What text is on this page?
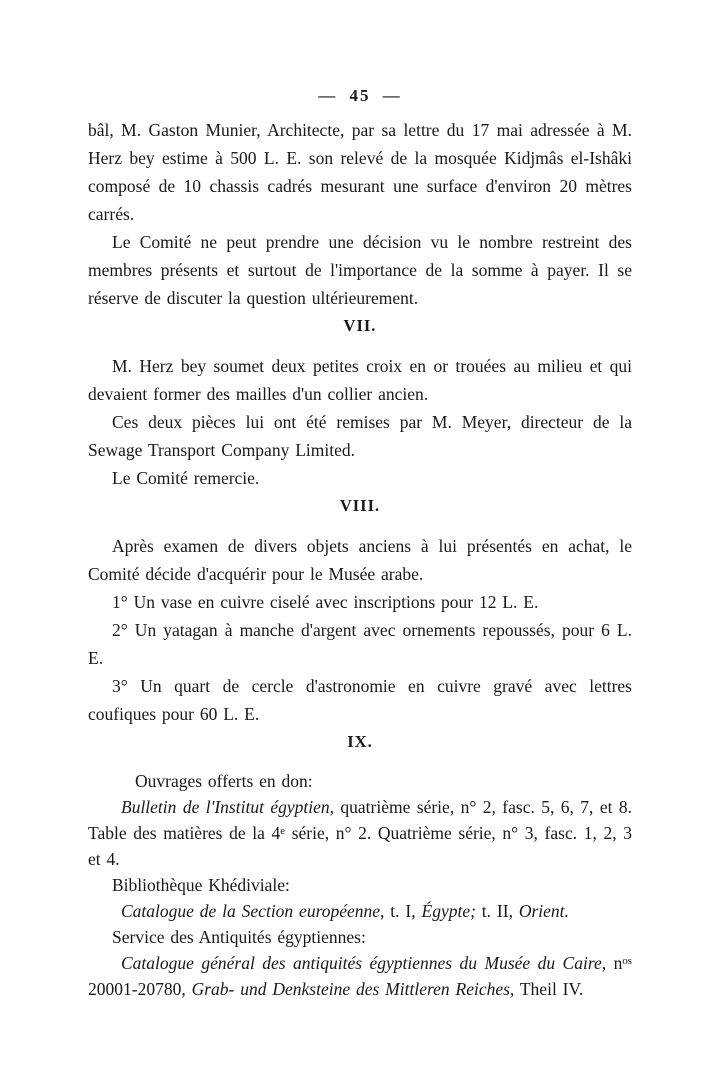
— 45 —

bâl, M. Gaston Munier, Architecte, par sa lettre du 17 mai adressée à M. Herz bey estime à 500 L. E. son relevé de la mosquée Kidjmâs el-Ishâki composé de 10 chassis cadrés mesurant une surface d'environ 20 mètres carrés.

Le Comité ne peut prendre une décision vu le nombre restreint des membres présents et surtout de l'importance de la somme à payer. Il se réserve de discuter la question ultérieurement.

VII.

M. Herz bey soumet deux petites croix en or trouées au milieu et qui devaient former des mailles d'un collier ancien.

Ces deux pièces lui ont été remises par M. Meyer, directeur de la Sewage Transport Company Limited.

Le Comité remercie.

VIII.

Après examen de divers objets anciens à lui présentés en achat, le Comité décide d'acquérir pour le Musée arabe.

1° Un vase en cuivre ciselé avec inscriptions pour 12 L. E.

2° Un yatagan à manche d'argent avec ornements repoussés, pour 6 L. E.

3° Un quart de cercle d'astronomie en cuivre gravé avec lettres coufiques pour 60 L. E.

IX.

Ouvrages offerts en don:

Bulletin de l'Institut égyptien, quatrième série, n° 2, fasc. 5, 6, 7, et 8. Table des matières de la 4e série, n° 2. Quatrième série, n° 3, fasc. 1, 2, 3 et 4.

Bibliothèque Khédiviale:

Catalogue de la Section européenne, t. I, Égypte; t. II, Orient.

Service des Antiquités égyptiennes:

Catalogue général des antiquités égyptiennes du Musée du Caire, $n^{os}$ 20001-20780, Grab- und Denksteine des Mittleren Reiches, Theil IV.
